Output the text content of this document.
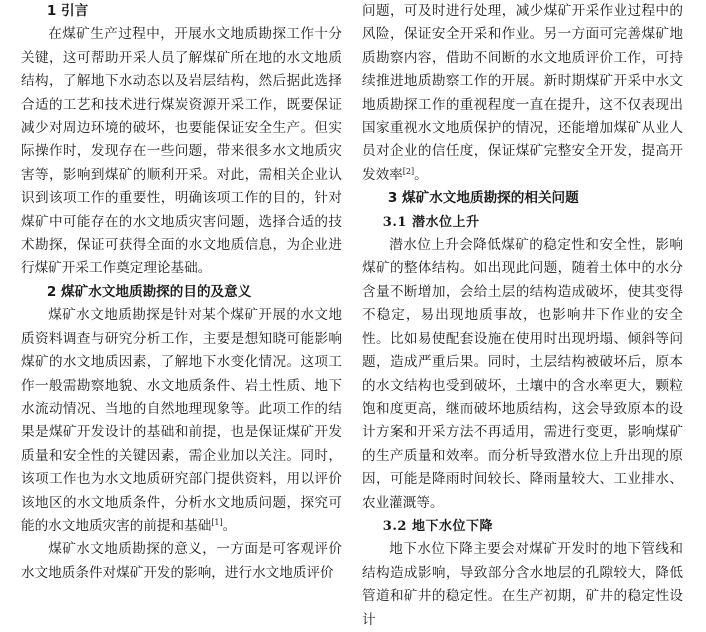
1 引言

在煤矿生产过程中，开展水文地质勘探工作十分关键，这可帮助开采人员了解煤矿所在地的水文地质结构，了解地下水动态以及岩层结构，然后据此选择合适的工艺和技术进行煤炭资源开采工作，既要保证减少对周边环境的破坏，也要能保证安全生产。但实际操作时，发现存在一些问题，带来很多水文地质灾害等，影响到煤矿的顺利开采。对此，需相关企业认识到该项工作的重要性，明确该项工作的目的，针对煤矿中可能存在的水文地质灾害问题，选择合适的技术勘探，保证可获得全面的水文地质信息，为企业进行煤矿开采工作奠定理论基础。

2 煤矿水文地质勘探的目的及意义

煤矿水文地质勘探是针对某个煤矿开展的水文地质资料调查与研究分析工作，主要是想知晓可能影响煤矿的水文地质因素，了解地下水变化情况。这项工作一般需勘察地貌、水文地质条件、岩土性质、地下水流动情况、当地的自然地理现象等。此项工作的结果是煤矿开发设计的基础和前提，也是保证煤矿开发质量和安全性的关键因素，需企业加以关注。同时，该项工作也为水文地质研究部门提供资料，用以评价该地区的水文地质条件，分析水文地质问题，探究可能的水文地质灾害的前提和基础[1]。

煤矿水文地质勘探的意义，一方面是可客观评价水文地质条件对煤矿开发的影响，进行水文地质评价

问题，可及时进行处理，减少煤矿开采作业过程中的风险，保证安全开采和作业。另一方面可完善煤矿地质勘察内容，借助不间断的水文地质评价工作，可持续推进地质勘察工作的开展。新时期煤矿开采中水文地质勘探工作的重视程度一直在提升，这不仅表现出国家重视水文地质保护的情况，还能增加煤矿从业人员对企业的信任度，保证煤矿完整安全开发，提高开发效率[2]。

3 煤矿水文地质勘探的相关问题

3.1 潜水位上升

潜水位上升会降低煤矿的稳定性和安全性，影响煤矿的整体结构。如出现此问题，随着土体中的水分含量不断增加，会给土层的结构造成破坏，使其变得不稳定，易出现地质事故，也影响井下作业的安全性。比如易使配套设施在使用时出现坍塌、倾斜等问题，造成严重后果。同时，土层结构被破坏后，原本的水文结构也受到破坏，土壤中的含水率更大，颗粒饱和度更高，继而破坏地质结构，这会导致原本的设计方案和开采方法不再适用，需进行变更，影响煤矿的生产质量和效率。而分析导致潜水位上升出现的原因，可能是降雨时间较长、降雨量较大、工业排水、农业灌溉等。

3.2 地下水位下降

地下水位下降主要会对煤矿开发时的地下管线和结构造成影响，导致部分含水地层的孔隙较大，降低管道和矿井的稳定性。在生产初期，矿井的稳定性设计
